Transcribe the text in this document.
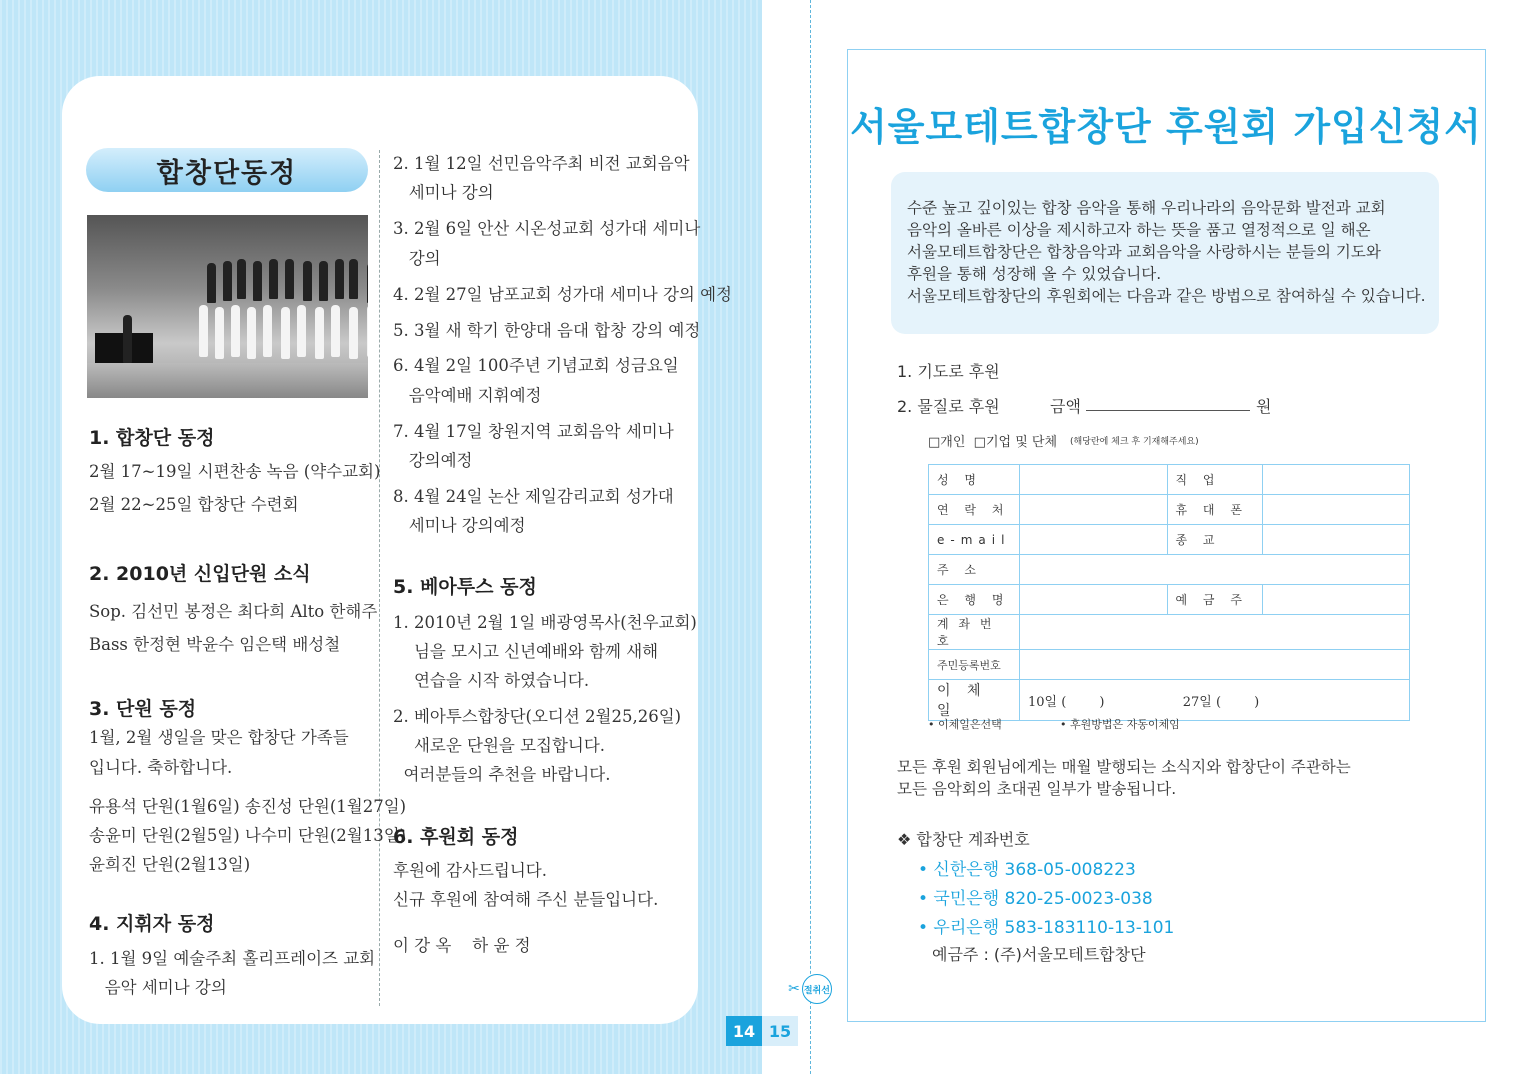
합창단동정
1. 합창단 동정
2월 17~19일 시편찬송 녹음 (약수교회)
2월 22~25일 합창단 수련회
2. 2010년 신입단원 소식
Sop. 김선민 봉정은 최다희 Alto 한해주
Bass 한정현 박윤수 임은택 배성철
3. 단원 동정
1월, 2월 생일을 맞은 합창단 가족들
입니다. 축하합니다.
유용석 단원(1월6일) 송진성 단원(1월27일)
송윤미 단원(2월5일) 나수미 단원(2월13일)
윤희진 단원(2월13일)
4. 지휘자 동정
1. 1월 9일 예술주최 홀리프레이즈 교회
음악 세미나 강의
2. 1월 12일 선민음악주최 비전 교회음악
세미나 강의
3. 2월 6일 안산 시온성교회 성가대 세미나
강의
4. 2월 27일 남포교회 성가대 세미나 강의 예정
5. 3월 새 학기 한양대 음대 합창 강의 예정
6. 4월 2일 100주년 기념교회 성금요일
음악예배 지휘예정
7. 4월 17일 창원지역 교회음악 세미나
강의예정
8. 4월 24일 논산 제일감리교회 성가대
세미나 강의예정
5. 베아투스 동정
1. 2010년 2월 1일 배광영목사(천우교회)
님을 모시고 신년예배와 함께 새해
연습을 시작 하였습니다.
2. 베아투스합창단(오디션 2월25,26일)
새로운 단원을 모집합니다.
여러분들의 추천을 바랍니다.
6. 후원회 동정
후원에 감사드립니다.
신규 후원에 참여해 주신 분들입니다.
이 강 옥    하 윤 정
14 15
✂ 절취선
서울모테트합창단 후원회 가입신청서
수준 높고 깊이있는 합창 음악을 통해 우리나라의 음악문화 발전과 교회
음악의 올바른 이상을 제시하고자 하는 뜻을 품고 열정적으로 일 해온
서울모테트합창단은 합창음악과 교회음악을 사랑하시는 분들의 기도와
후원을 통해 성장해 올 수 있었습니다.
서울모테트합창단의 후원회에는 다음과 같은 방법으로 참여하실 수 있습니다.
1. 기도로 후원
2. 물질로 후원	금액	원
□개인  □기업 및 단체 (해당란에 체크 후 기재해주세요)
성 명		직 업	
연 락 처		휴 대 폰	
e-mail		종 교	
주 소			
은 행 명		예 금 주	
계 좌 번 호			
주민등록번호			
이 체 일	10일 (        ) 27일 (        )		
• 이체일은선택	• 후원방법은 자동이체임
모든 후원 회원님에게는 매월 발행되는 소식지와 합창단이 주관하는
모든 음악회의 초대권 일부가 발송됩니다.
❖ 합창단 계좌번호
• 신한은행 368-05-008223
• 국민은행 820-25-0023-038
• 우리은행 583-183110-13-101
예금주 : (주)서울모테트합창단
